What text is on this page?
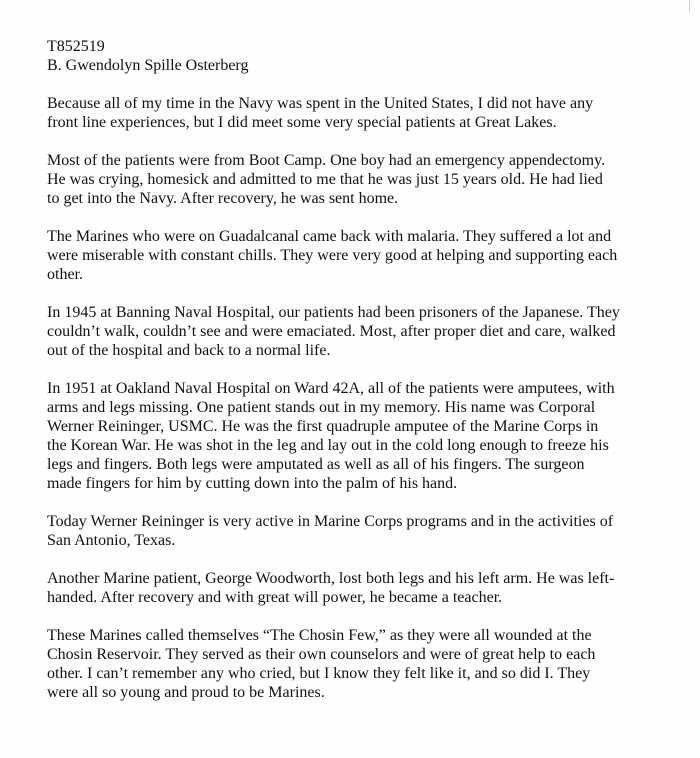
T852519
B. Gwendolyn Spille Osterberg
Because all of my time in the Navy was spent in the United States, I did not have any
front line experiences, but I did meet some very special patients at Great Lakes.
Most of the patients were from Boot Camp. One boy had an emergency appendectomy.
He was crying, homesick and admitted to me that he was just 15 years old. He had lied
to get into the Navy. After recovery, he was sent home.
The Marines who were on Guadalcanal came back with malaria. They suffered a lot and
were miserable with constant chills. They were very good at helping and supporting each
other.
In 1945 at Banning Naval Hospital, our patients had been prisoners of the Japanese. They
couldn’t walk, couldn’t see and were emaciated. Most, after proper diet and care, walked
out of the hospital and back to a normal life.
In 1951 at Oakland Naval Hospital on Ward 42A, all of the patients were amputees, with
arms and legs missing. One patient stands out in my memory. His name was Corporal
Werner Reininger, USMC. He was the first quadruple amputee of the Marine Corps in
the Korean War. He was shot in the leg and lay out in the cold long enough to freeze his
legs and fingers. Both legs were amputated as well as all of his fingers. The surgeon
made fingers for him by cutting down into the palm of his hand.
Today Werner Reininger is very active in Marine Corps programs and in the activities of
San Antonio, Texas.
Another Marine patient, George Woodworth, lost both legs and his left arm. He was left-
handed. After recovery and with great will power, he became a teacher.
These Marines called themselves “The Chosin Few,” as they were all wounded at the
Chosin Reservoir. They served as their own counselors and were of great help to each
other. I can’t remember any who cried, but I know they felt like it, and so did I. They
were all so young and proud to be Marines.
